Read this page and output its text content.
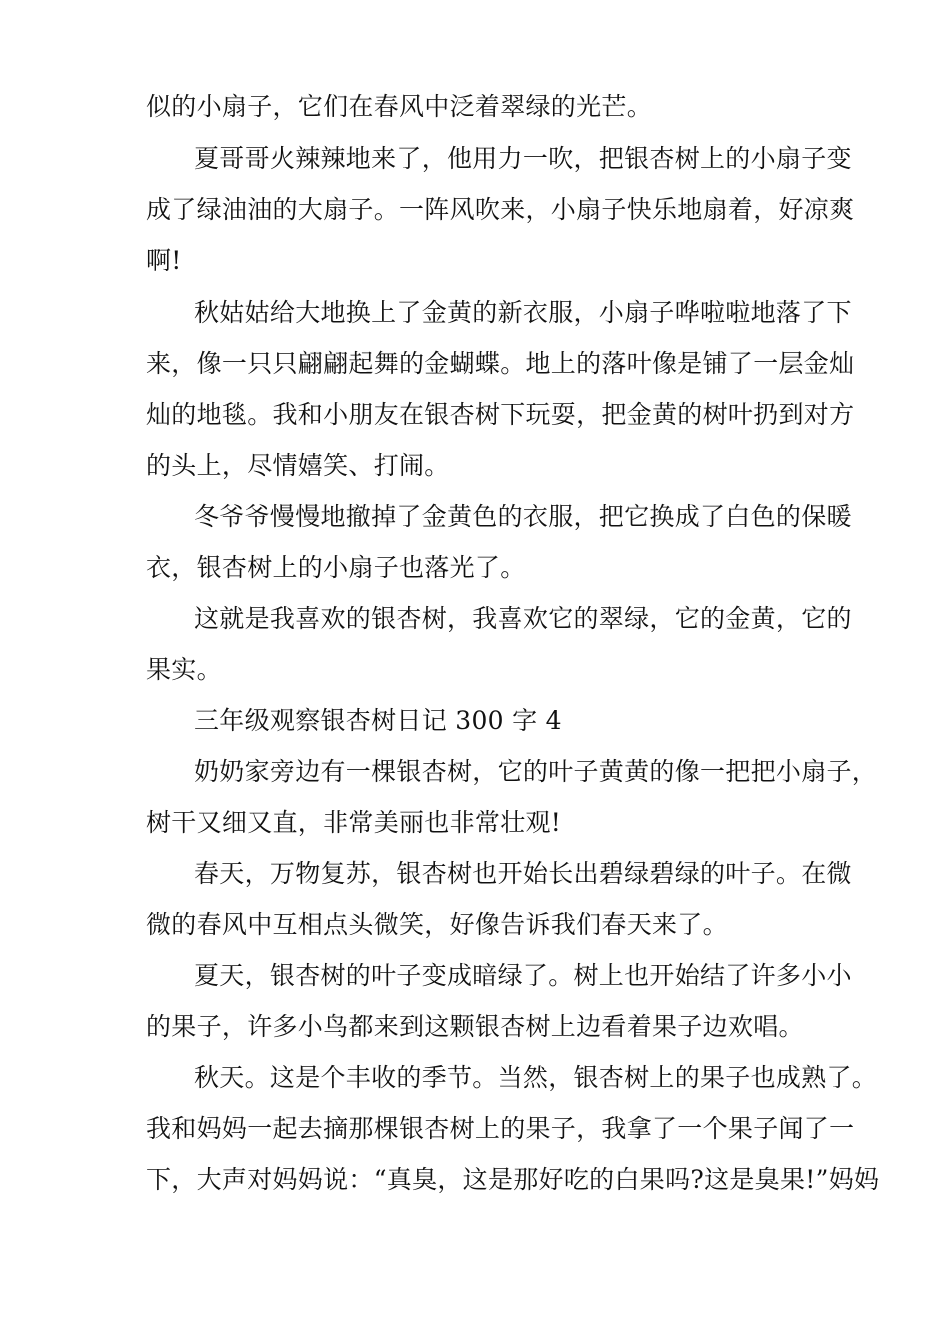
似的小扇子，它们在春风中泛着翠绿的光芒。
夏哥哥火辣辣地来了，他用力一吹，把银杏树上的小扇子变
成了绿油油的大扇子。一阵风吹来，小扇子快乐地扇着，好凉爽
啊!
秋姑姑给大地换上了金黄的新衣服，小扇子哗啦啦地落了下
来，像一只只翩翩起舞的金蝴蝶。地上的落叶像是铺了一层金灿
灿的地毯。我和小朋友在银杏树下玩耍，把金黄的树叶扔到对方
的头上，尽情嬉笑、打闹。
冬爷爷慢慢地撤掉了金黄色的衣服，把它换成了白色的保暖
衣，银杏树上的小扇子也落光了。
这就是我喜欢的银杏树，我喜欢它的翠绿，它的金黄，它的
果实。
三年级观察银杏树日记 300 字 4
奶奶家旁边有一棵银杏树，它的叶子黄黄的像一把把小扇子，
树干又细又直，非常美丽也非常壮观!
春天，万物复苏，银杏树也开始长出碧绿碧绿的叶子。在微
微的春风中互相点头微笑，好像告诉我们春天来了。
夏天，银杏树的叶子变成暗绿了。树上也开始结了许多小小
的果子，许多小鸟都来到这颗银杏树上边看着果子边欢唱。
秋天。这是个丰收的季节。当然，银杏树上的果子也成熟了。
我和妈妈一起去摘那棵银杏树上的果子，我拿了一个果子闻了一
下，大声对妈妈说：“真臭，这是那好吃的白果吗?这是臭果!”妈妈
